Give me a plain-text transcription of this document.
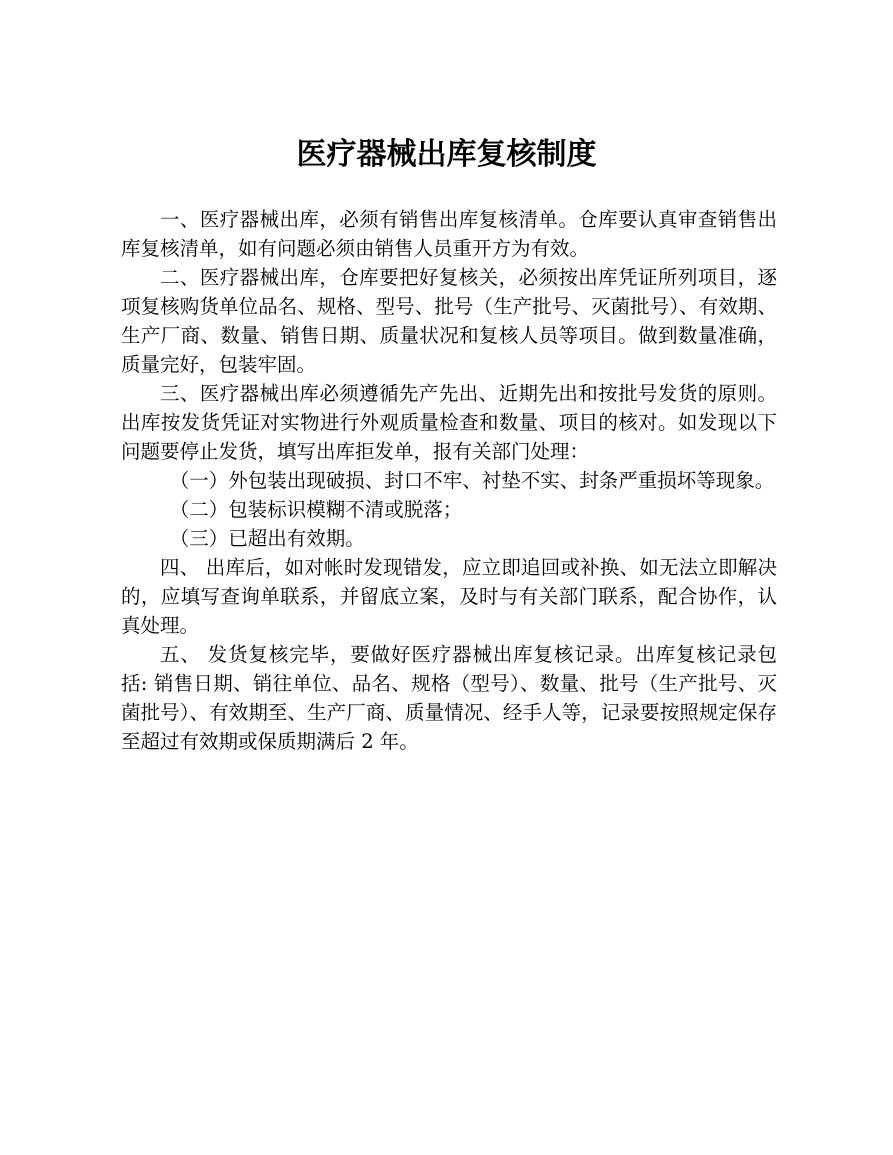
医疗器械出库复核制度

一、医疗器械出库，必须有销售出库复核清单。仓库要认真审查销售出库复核清单，如有问题必须由销售人员重开方为有效。

二、医疗器械出库，仓库要把好复核关，必须按出库凭证所列项目，逐项复核购货单位品名、规格、型号、批号（生产批号、灭菌批号）、有效期、生产厂商、数量、销售日期、质量状况和复核人员等项目。做到数量准确，质量完好，包装牢固。

三、医疗器械出库必须遵循先产先出、近期先出和按批号发货的原则。出库按发货凭证对实物进行外观质量检查和数量、项目的核对。如发现以下问题要停止发货，填写出库拒发单，报有关部门处理：

（一）外包装出现破损、封口不牢、衬垫不实、封条严重损坏等现象。

（二）包装标识模糊不清或脱落；

（三）已超出有效期。

四、 出库后，如对帐时发现错发，应立即追回或补换、如无法立即解决的，应填写查询单联系，并留底立案，及时与有关部门联系，配合协作，认真处理。

五、 发货复核完毕，要做好医疗器械出库复核记录。出库复核记录包括: 销售日期、销往单位、品名、规格（型号）、数量、批号（生产批号、灭菌批号）、有效期至、生产厂商、质量情况、经手人等，记录要按照规定保存至超过有效期或保质期满后 2 年。
